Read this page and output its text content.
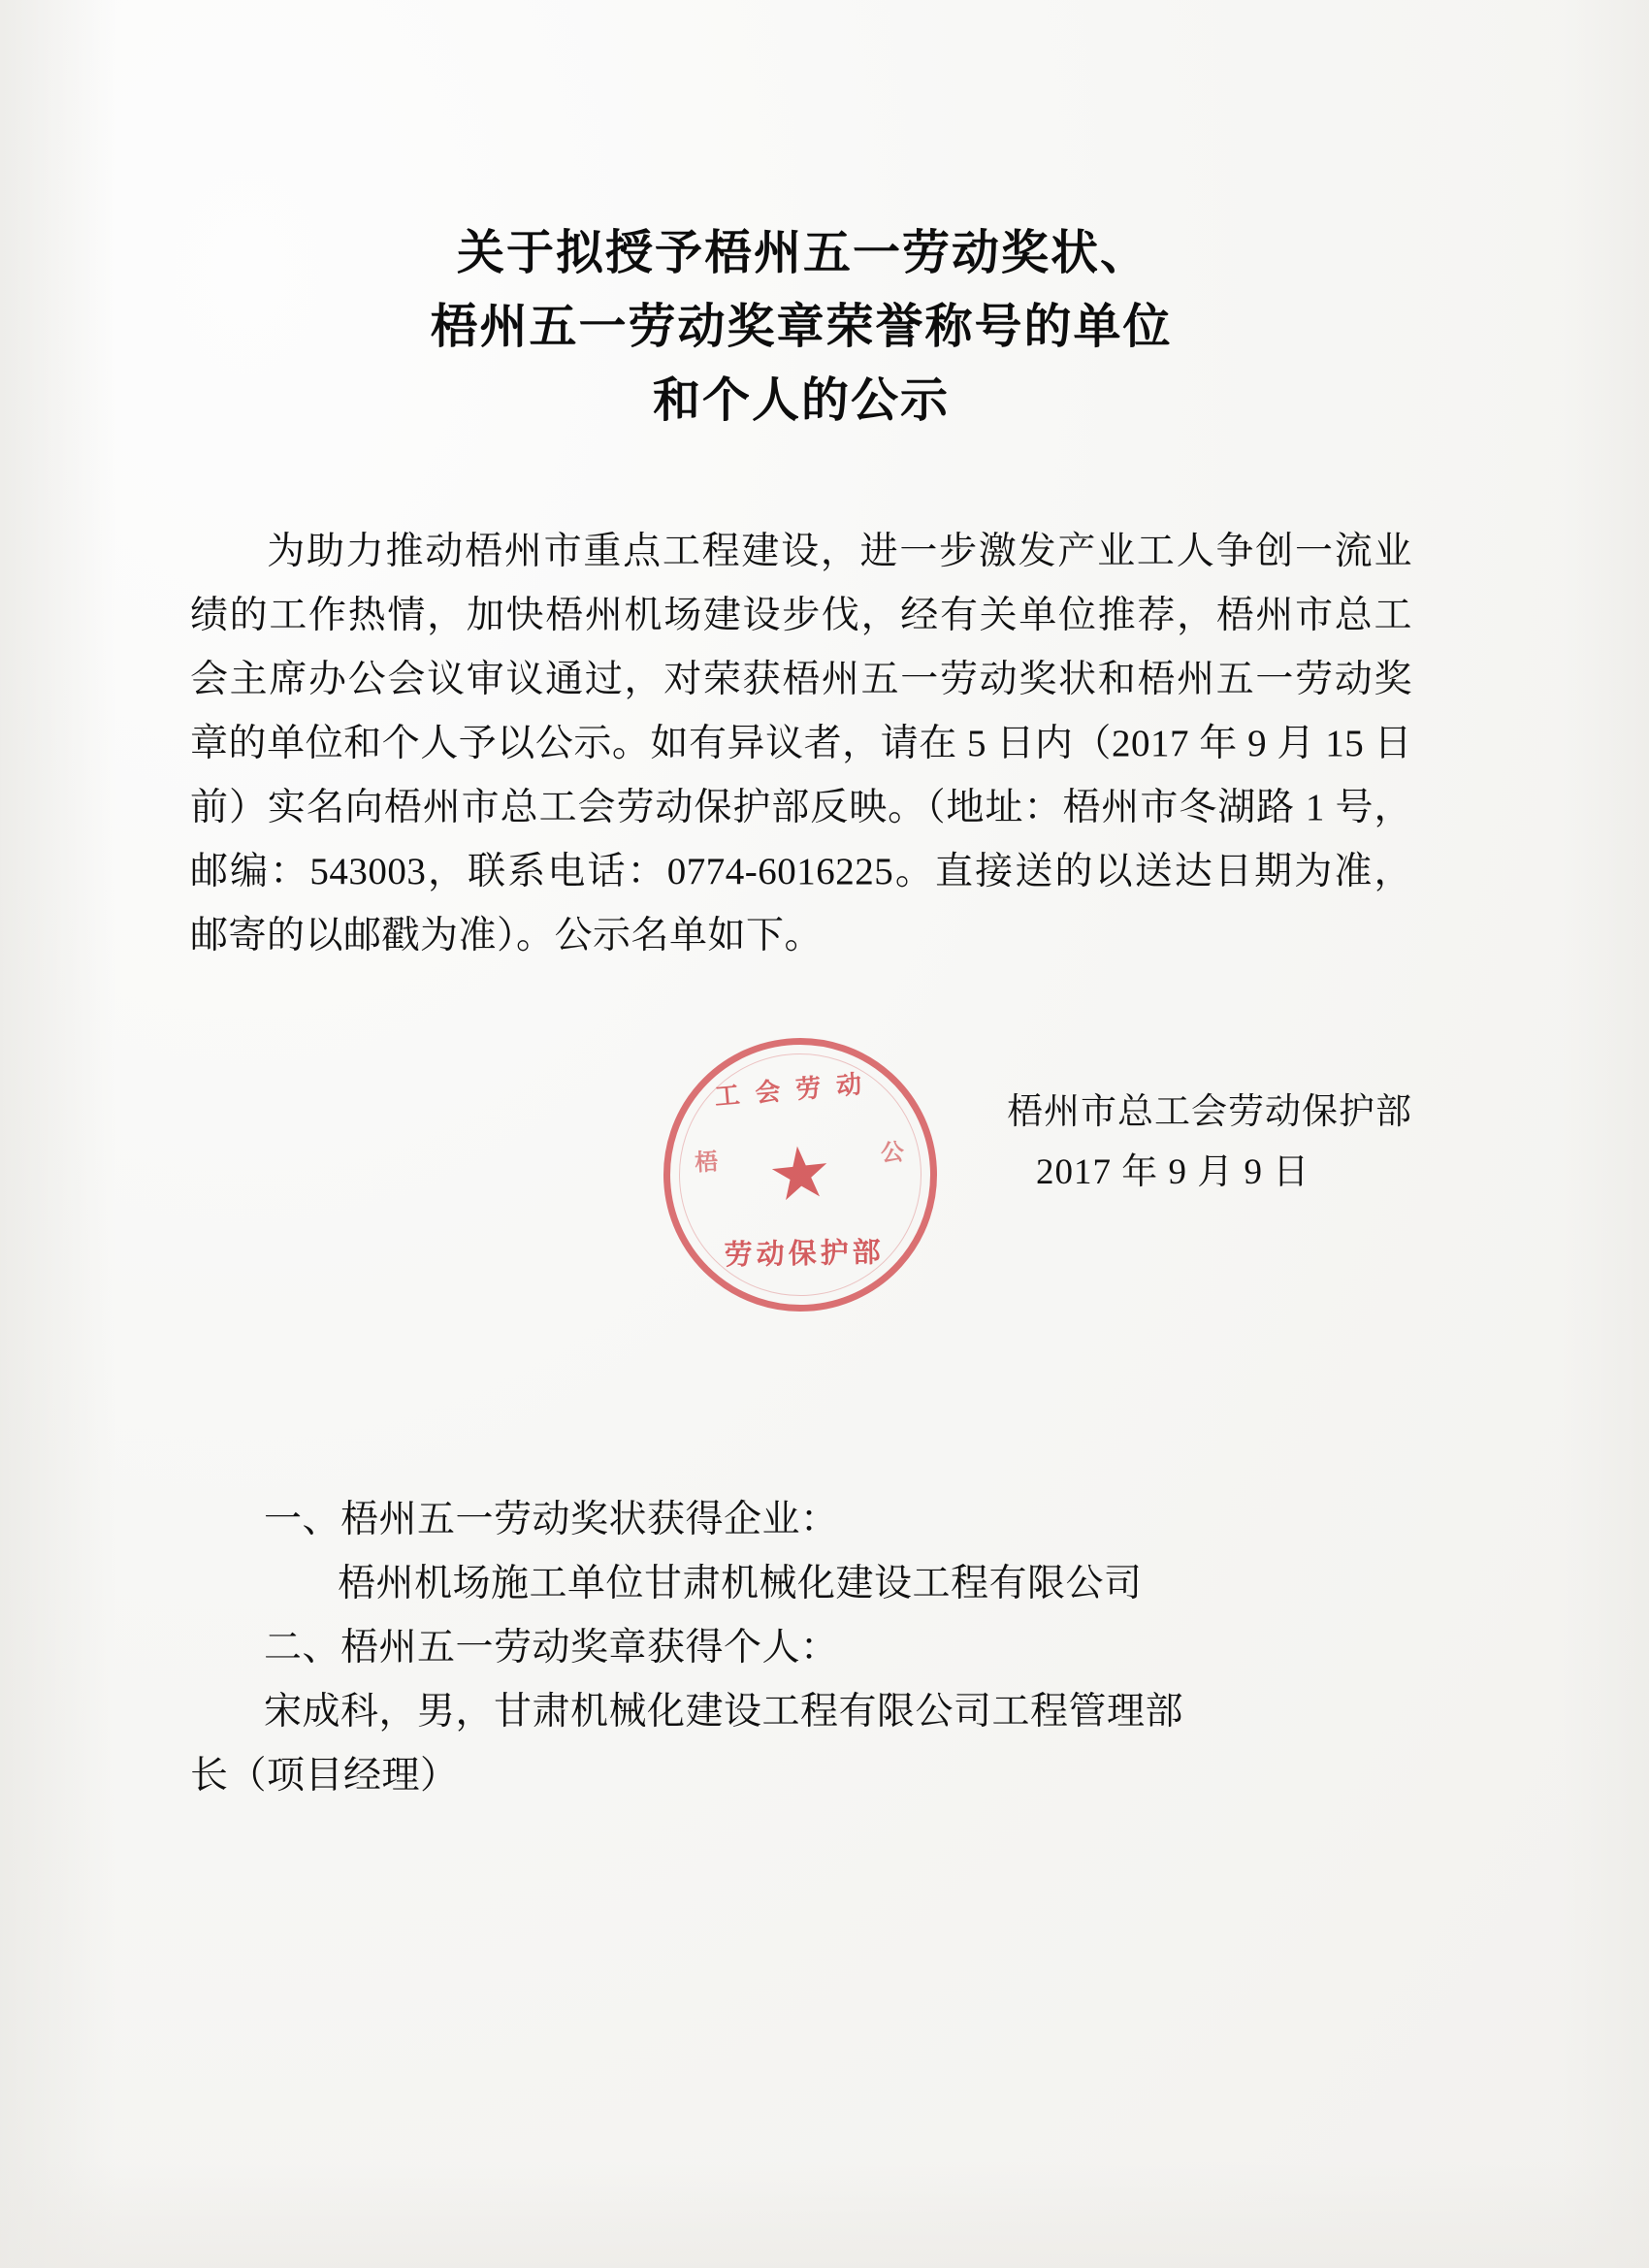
关于拟授予梧州五一劳动奖状、
梧州五一劳动奖章荣誉称号的单位
和个人的公示
为助力推动梧州市重点工程建设，进一步激发产业工人争创一流业绩的工作热情，加快梧州机场建设步伐，经有关单位推荐，梧州市总工会主席办公会议审议通过，对荣获梧州五一劳动奖状和梧州五一劳动奖章的单位和个人予以公示。如有异议者，请在 5 日内（2017 年 9 月 15 日前）实名向梧州市总工会劳动保护部反映。（地址：梧州市冬湖路 1 号，邮编：543003，联系电话：0774-6016225。直接送的以送达日期为准，邮寄的以邮戳为准）。公示名单如下。
工会劳动
梧	公
★
劳动保护部
梧州市总工会劳动保护部
2017 年 9 月 9 日
一、梧州五一劳动奖状获得企业：
梧州机场施工单位甘肃机械化建设工程有限公司
二、梧州五一劳动奖章获得个人：
宋成科，男，甘肃机械化建设工程有限公司工程管理部
长（项目经理）
